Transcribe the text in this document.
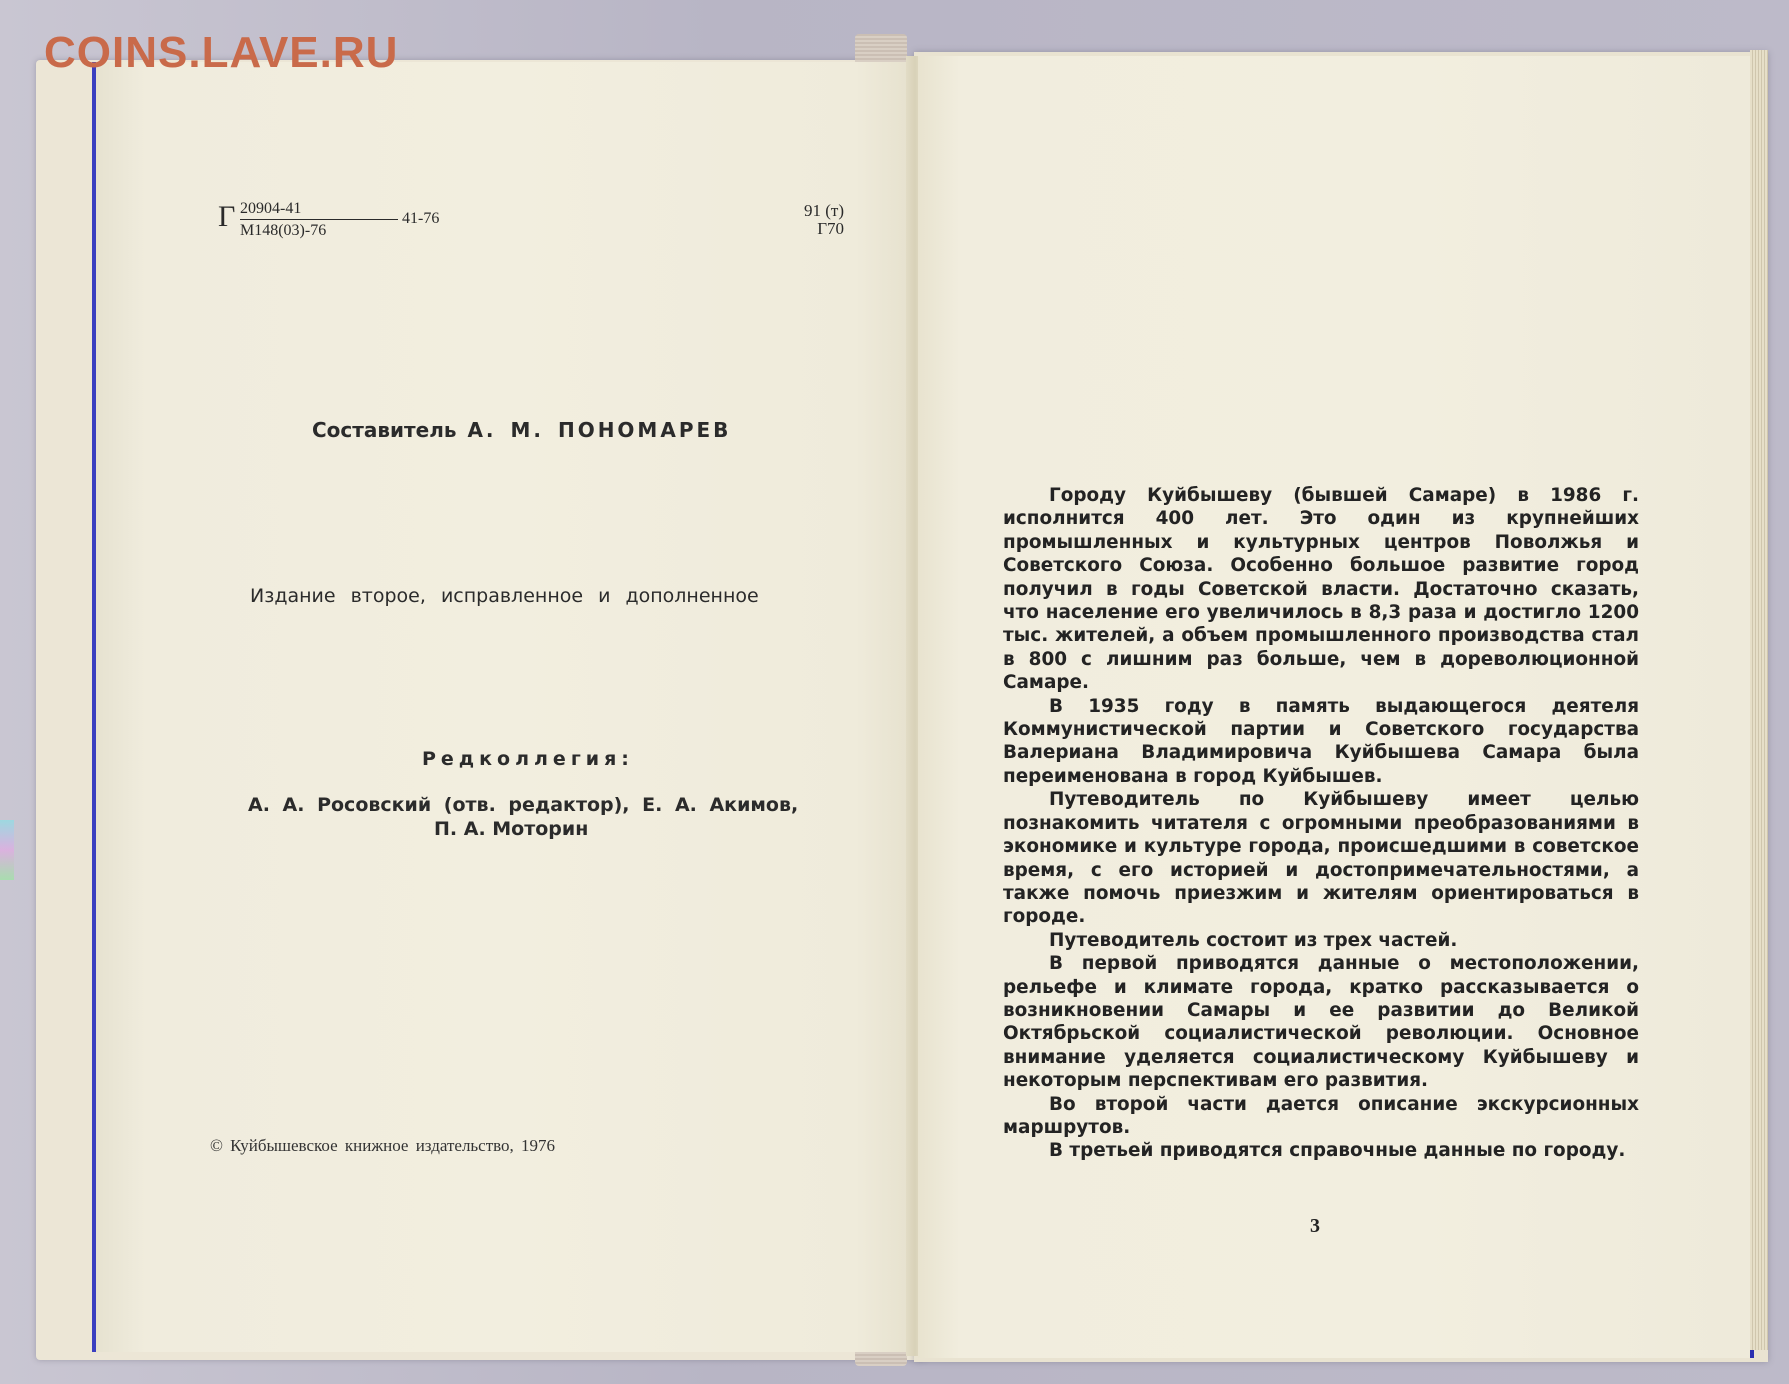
COINS.LAVE.RU
Г 20904-41
М148(03)-76
41-76	91 (т)
Г70
Составитель А. М. ПОНОМАРЕВ
Издание второе, исправленное и дополненное
Редколлегия:
А. А. Росовский (отв. редактор), Е. А. Акимов,
П. А. Моторин
© Куйбышевское книжное издательство, 1976

Городу Куйбышеву (бывшей Самаре) в 1986 г. исполнится 400 лет. Это один из крупнейших промышленных и культурных центров Поволжья и Советского Союза. Особенно большое развитие город получил в годы Советской власти. Достаточно сказать, что население его увеличилось в 8,3 раза и достигло 1200 тыс. жителей, а объем промышленного производства стал в 800 с лишним раз больше, чем в дореволюционной Самаре.

В 1935 году в память выдающегося деятеля Коммунистической партии и Советского государства Валериана Владимировича Куйбышева Самара была переименована в город Куйбышев.

Путеводитель по Куйбышеву имеет целью познакомить читателя с огромными преобразованиями в экономике и культуре города, происшедшими в советское время, с его историей и достопримечательностями, а также помочь приезжим и жителям ориентироваться в городе.

Путеводитель состоит из трех частей.

В первой приводятся данные о местоположении, рельефе и климате города, кратко рассказывается о возникновении Самары и ее развитии до Великой Октябрьской социалистической революции. Основное внимание уделяется социалистическому Куйбышеву и некоторым перспективам его развития.

Во второй части дается описание экскурсионных маршрутов.

В третьей приводятся справочные данные по городу.

3
